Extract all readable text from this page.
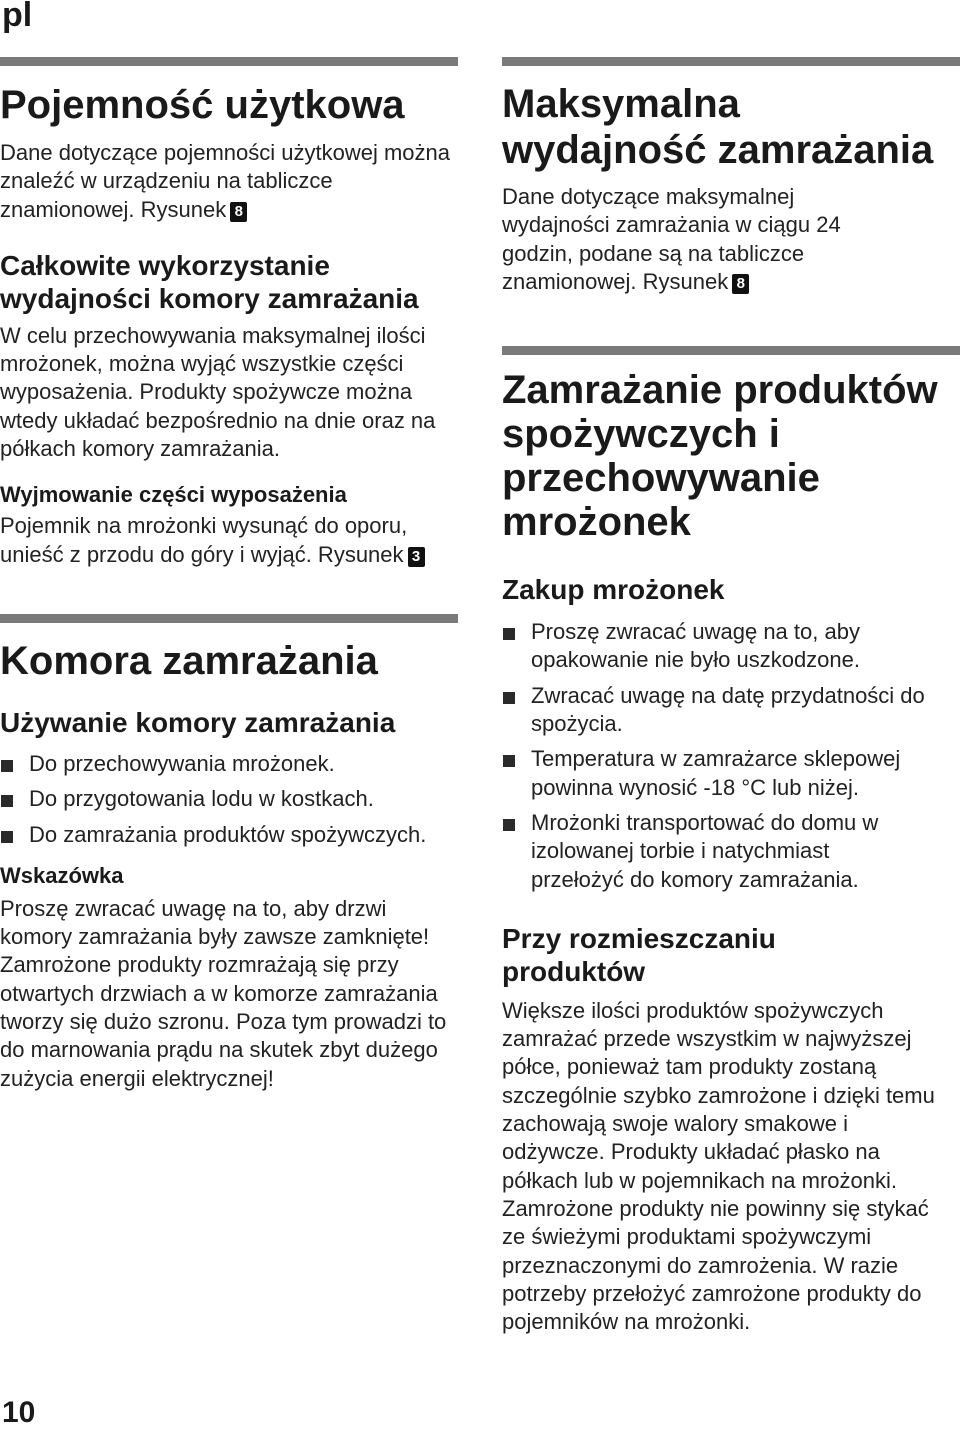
pl
Pojemność użytkowa

Dane dotyczące pojemności użytkowej można znaleźć w urządzeniu na tabliczce znamionowej. Rysunek 8

Całkowite wykorzystanie wydajności komory zamrażania

W celu przechowywania maksymalnej ilości mrożonek, można wyjąć wszystkie części wyposażenia. Produkty spożywcze można wtedy układać bezpośrednio na dnie oraz na półkach komory zamrażania.

Wyjmowanie części wyposażenia

Pojemnik na mrożonki wysunąć do oporu, unieść z przodu do góry i wyjąć. Rysunek 3

Komora zamrażania
Używanie komory zamrażania
Do przechowywania mrożonek.
Do przygotowania lodu w kostkach.
Do zamrażania produktów spożywczych.
Wskazówka

Proszę zwracać uwagę na to, aby drzwi komory zamrażania były zawsze zamknięte! Zamrożone produkty rozmrażają się przy otwartych drzwiach a w komorze zamrażania tworzy się dużo szronu. Poza tym prowadzi to do marnowania prądu na skutek zbyt dużego zużycia energii elektrycznej!

Maksymalna wydajność zamrażania

Dane dotyczące maksymalnej wydajności zamrażania w ciągu 24 godzin, podane są na tabliczce znamionowej. Rysunek 8

Zamrażanie produktów spożywczych i przechowywanie mrożonek
Zakup mrożonek
Proszę zwracać uwagę na to, aby opakowanie nie było uszkodzone.
Zwracać uwagę na datę przydatności do spożycia.
Temperatura w zamrażarce sklepowej powinna wynosić -18 °C lub niżej.
Mrożonki transportować do domu w izolowanej torbie i natychmiast przełożyć do komory zamrażania.
Przy rozmieszczaniu produktów

Większe ilości produktów spożywczych zamrażać przede wszystkim w najwyższej półce, ponieważ tam produkty zostaną szczególnie szybko zamrożone i dzięki temu zachowają swoje walory smakowe i odżywcze. Produkty układać płasko na półkach lub w pojemnikach na mrożonki. Zamrożone produkty nie powinny się stykać ze świeżymi produktami spożywczymi przeznaczonymi do zamrożenia. W razie potrzeby przełożyć zamrożone produkty do pojemników na mrożonki.

10
